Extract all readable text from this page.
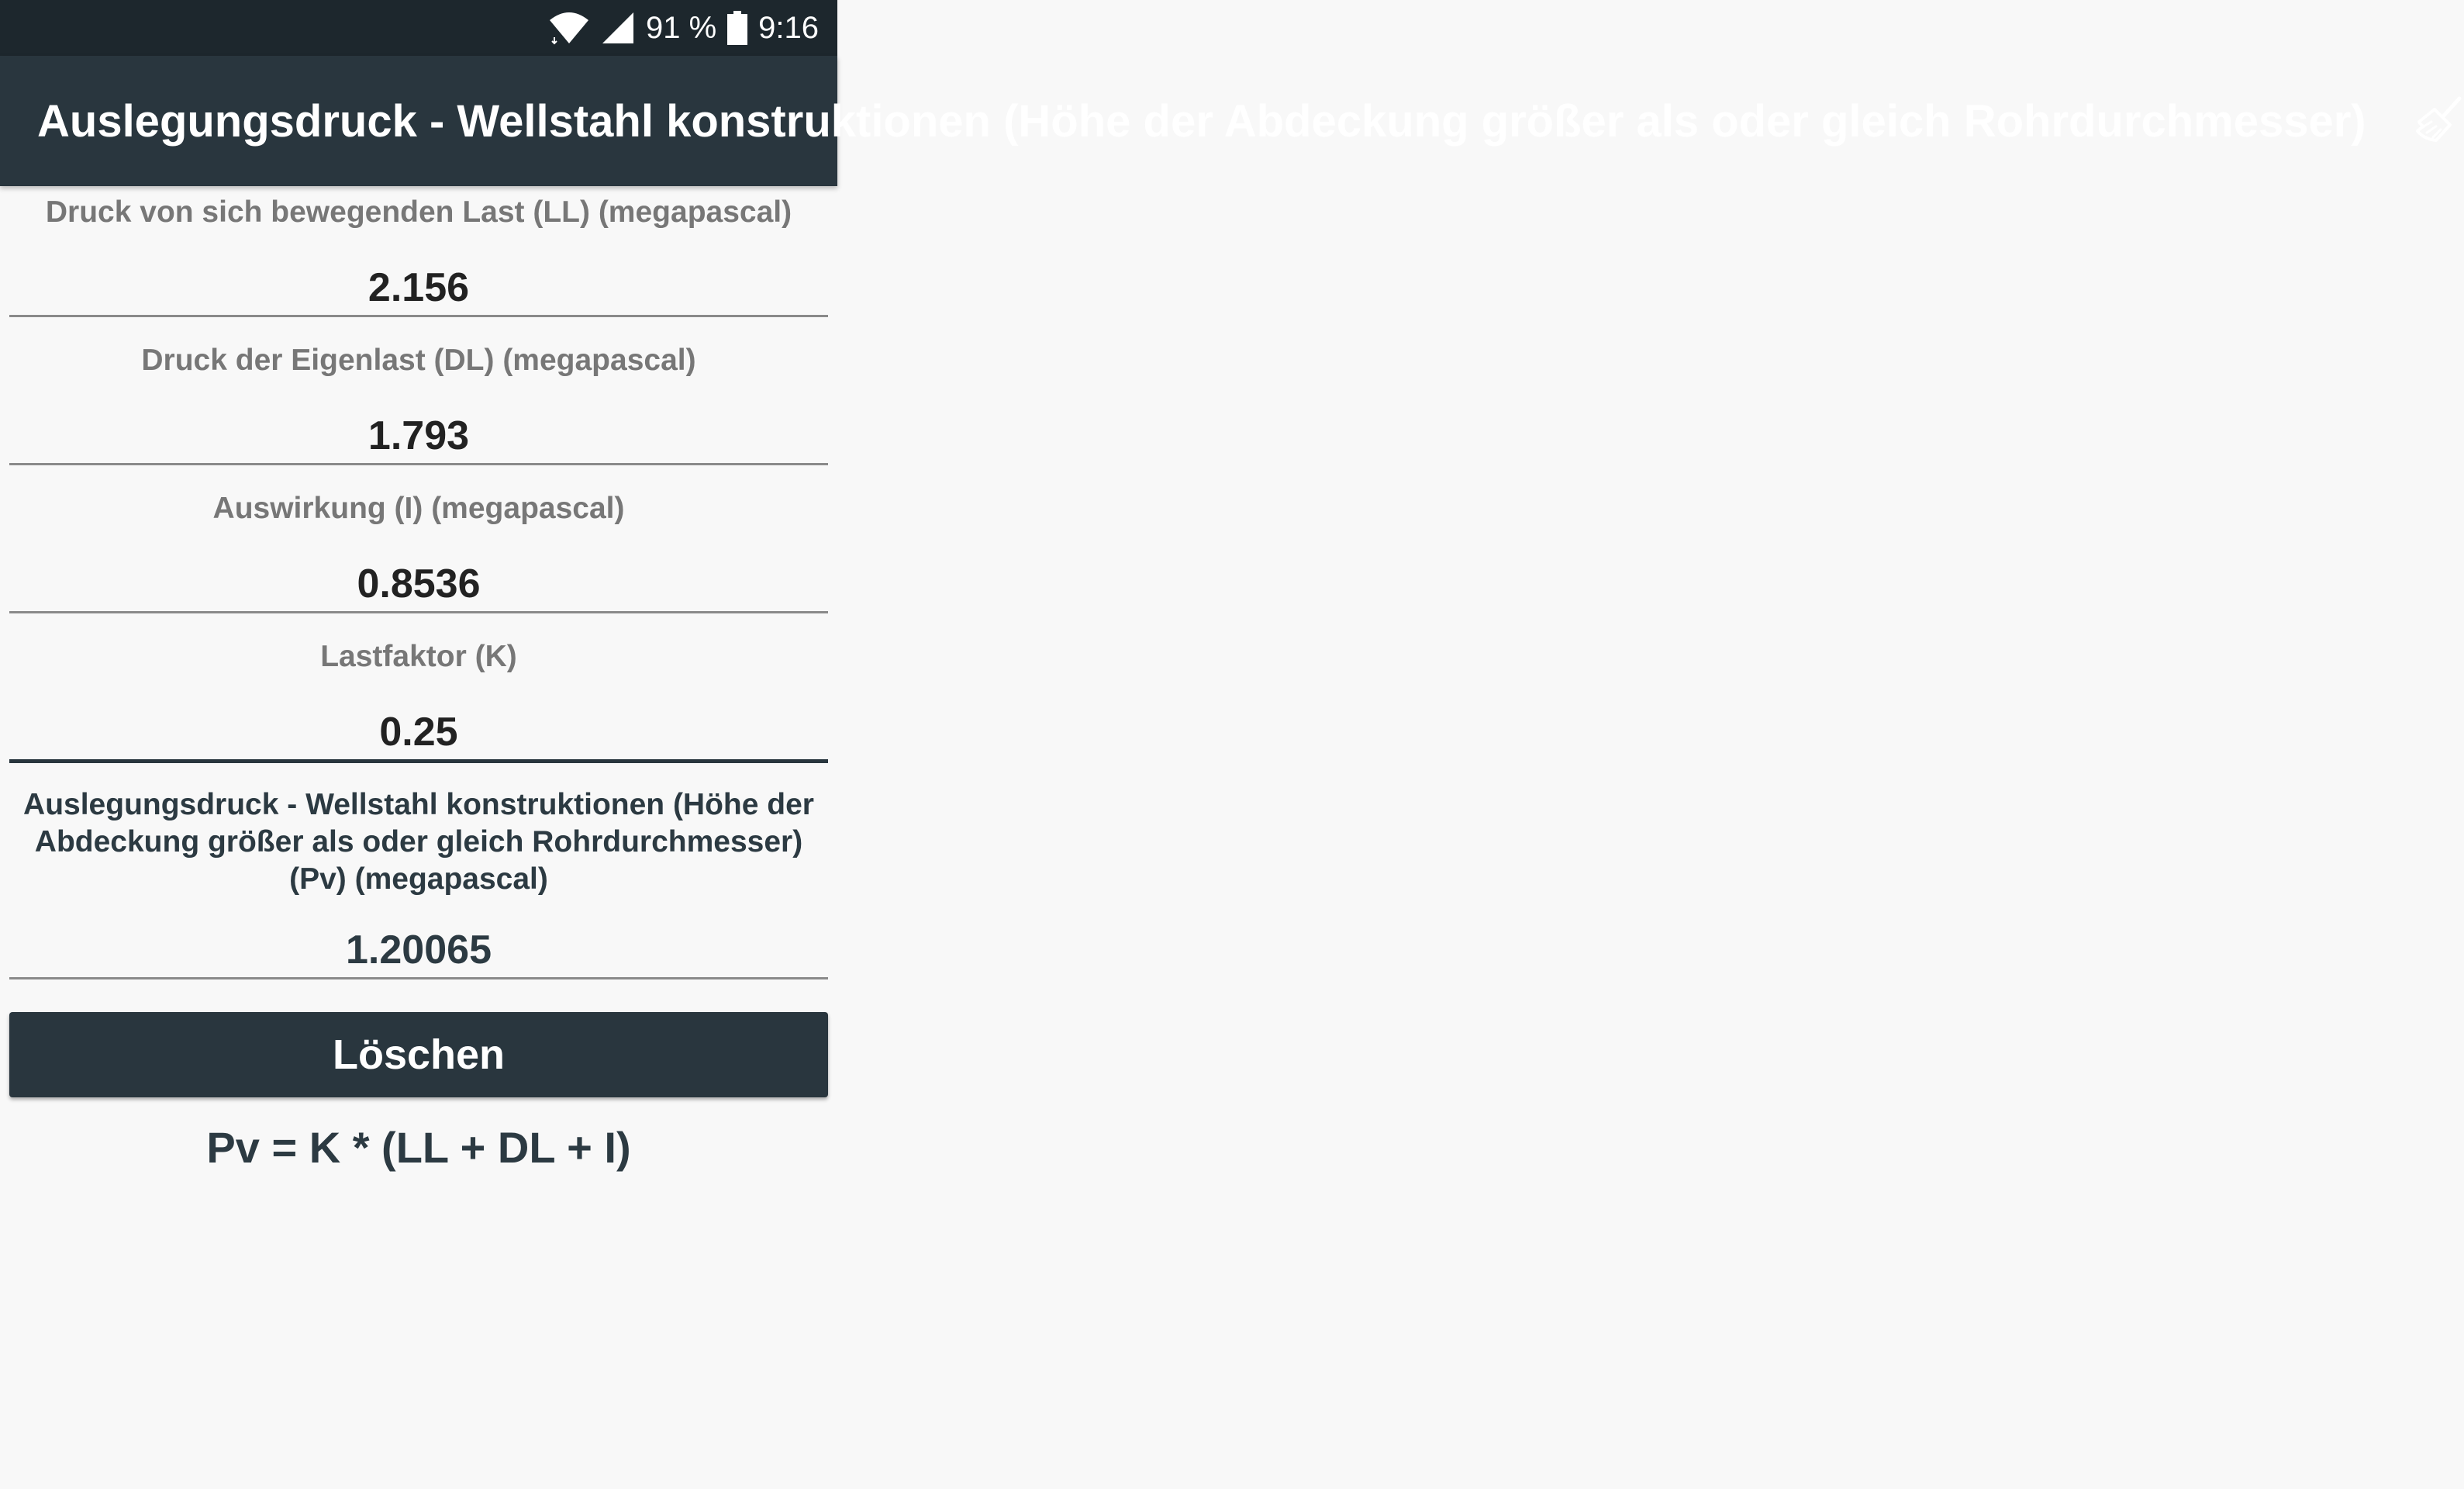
91 % 9:16
Auslegungsdruck - Wellstahl konstruktionen (Höhe der Abdeckung größer als oder gleich Rohrdurchmesser)
Druck von sich bewegenden Last (LL) (megapascal)
2.156
Druck der Eigenlast (DL) (megapascal)
1.793
Auswirkung (I) (megapascal)
0.8536
Lastfaktor (K)
0.25
Auslegungsdruck - Wellstahl konstruktionen (Höhe der Abdeckung größer als oder gleich Rohrdurchmesser) (Pv) (megapascal)
1.20065
Löschen
Pv = K * (LL + DL + I)
